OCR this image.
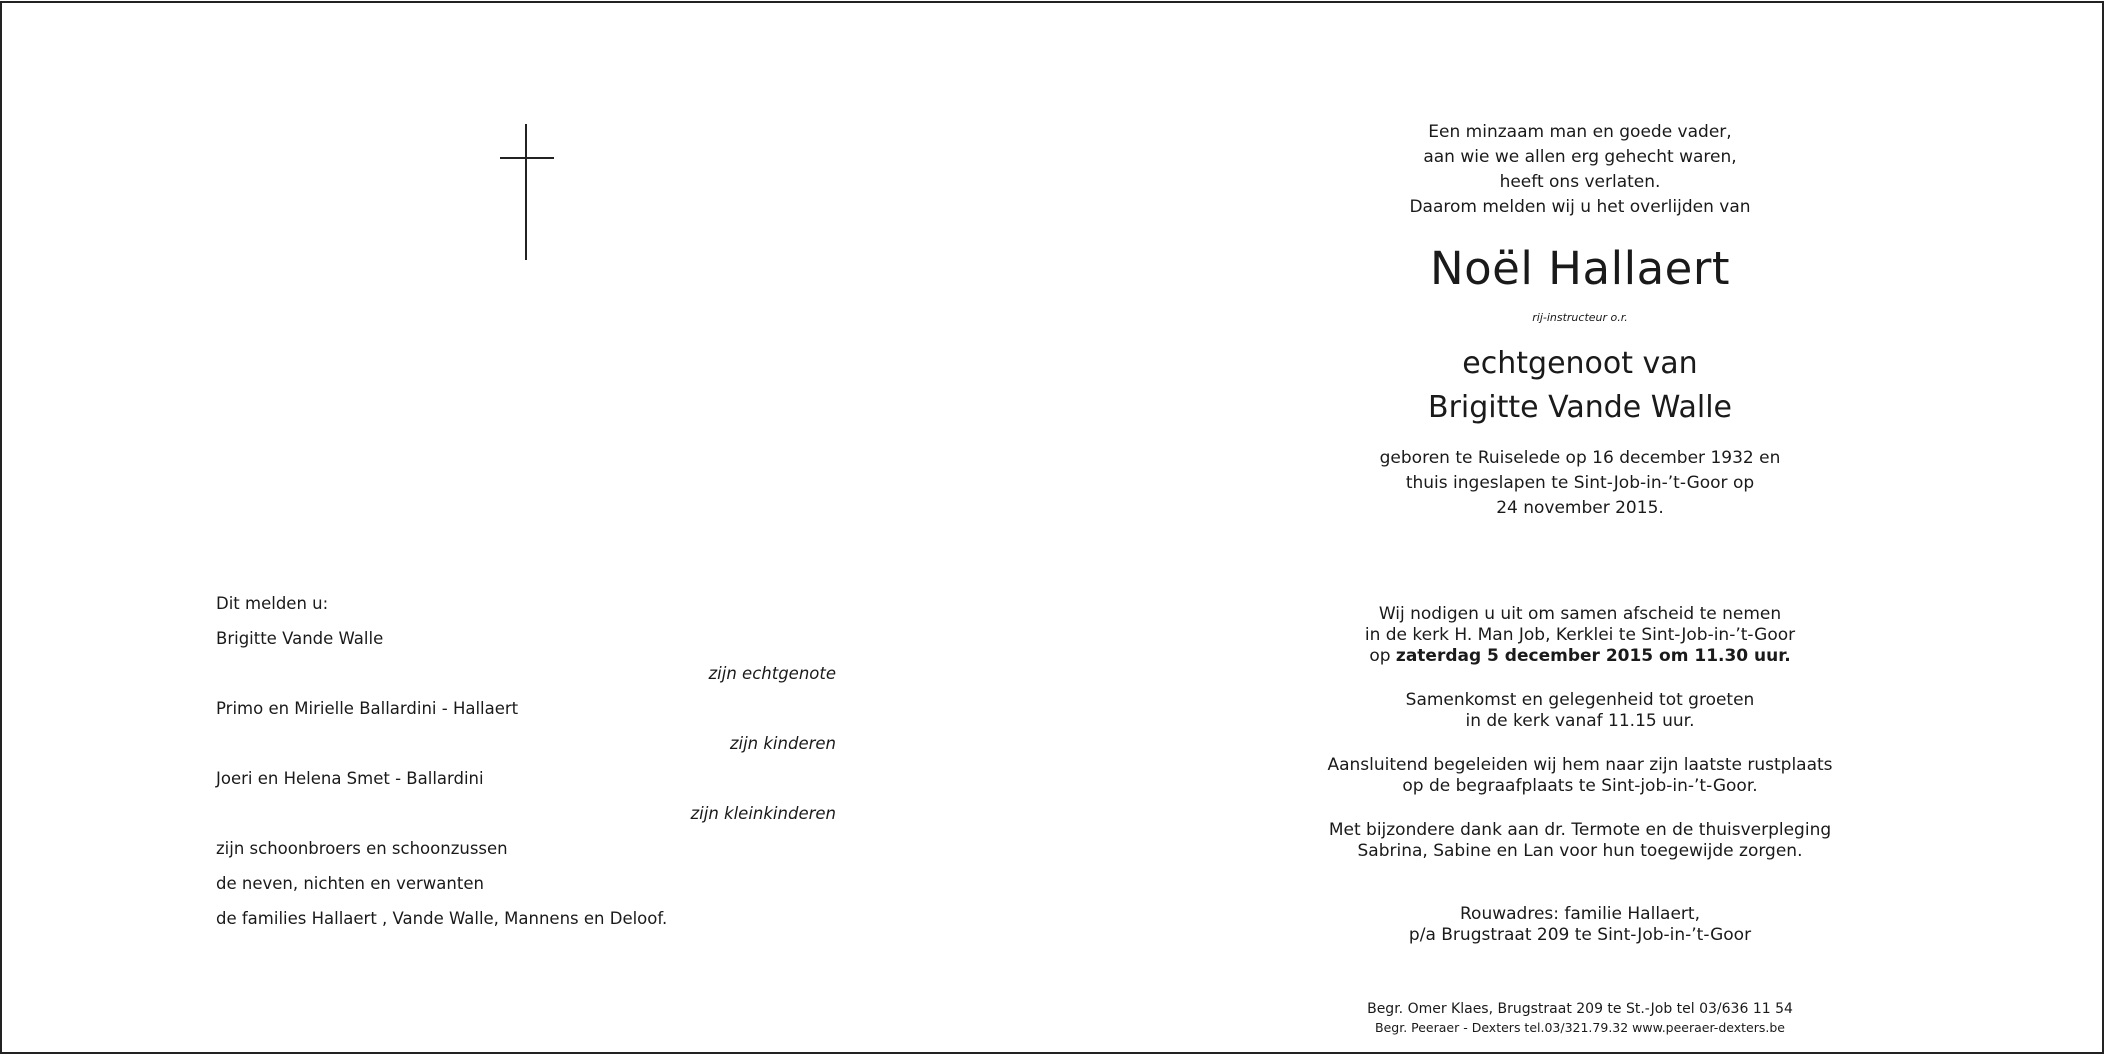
Dit melden u:
Brigitte Vande Walle
zijn echtgenote
Primo en Mirielle Ballardini - Hallaert
zijn kinderen
Joeri en Helena Smet - Ballardini
zijn kleinkinderen
zijn schoonbroers en schoonzussen
de neven, nichten en verwanten
de families Hallaert , Vande Walle, Mannens en Deloof.
Een minzaam man en goede vader,
aan wie we allen erg gehecht waren,
heeft ons verlaten.
Daarom melden wij u het overlijden van
Noël Hallaert
rij-instructeur o.r.
echtgenoot van
Brigitte Vande Walle
geboren te Ruiselede op 16 december 1932 en
thuis ingeslapen te Sint-Job-in-’t-Goor op
24 november 2015.
Wij nodigen u uit om samen afscheid te nemen
in de kerk H. Man Job, Kerklei te Sint-Job-in-’t-Goor
op zaterdag 5 december 2015 om 11.30 uur.
Samenkomst en gelegenheid tot groeten
in de kerk vanaf 11.15 uur.
Aansluitend begeleiden wij hem naar zijn laatste rustplaats
op de begraafplaats te Sint-job-in-’t-Goor.
Met bijzondere dank aan dr. Termote en de thuisverpleging
Sabrina, Sabine en Lan voor hun toegewijde zorgen.
Rouwadres: familie Hallaert,
p/a Brugstraat 209 te Sint-Job-in-’t-Goor
Begr. Omer Klaes, Brugstraat 209 te St.-Job tel 03/636 11 54
Begr. Peeraer - Dexters tel.03/321.79.32 www.peeraer-dexters.be
